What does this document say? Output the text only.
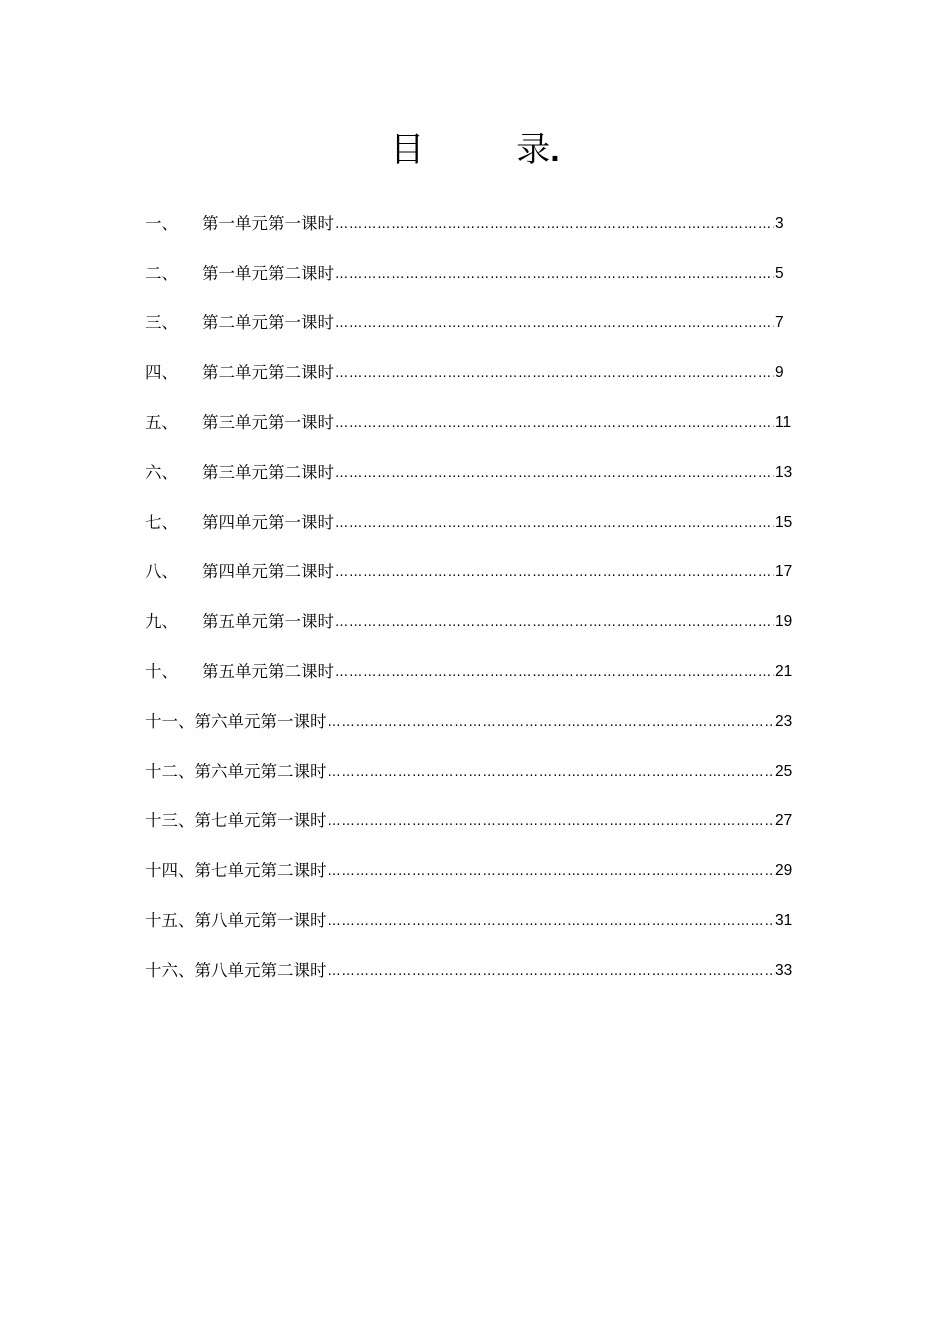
目	录.
一、	第一单元第一课时 ……………………………………………………………………………………………………………………………………	3
二、	第一单元第二课时 ……………………………………………………………………………………………………………………………………	5
三、	第二单元第一课时 ……………………………………………………………………………………………………………………………………	7
四、	第二单元第二课时 ……………………………………………………………………………………………………………………………………	9
五、	第三单元第一课时 ……………………………………………………………………………………………………………………………………	11
六、	第三单元第二课时 ……………………………………………………………………………………………………………………………………	13
七、	第四单元第一课时 ……………………………………………………………………………………………………………………………………	15
八、	第四单元第二课时 ……………………………………………………………………………………………………………………………………	17
九、	第五单元第一课时 ……………………………………………………………………………………………………………………………………	19
十、	第五单元第二课时 ……………………………………………………………………………………………………………………………………	21
十一、 第六单元第一课时 ……………………………………………………………………………………………………………………………………	23
十二、 第六单元第二课时 ……………………………………………………………………………………………………………………………………	25
十三、 第七单元第一课时 ……………………………………………………………………………………………………………………………………	27
十四、 第七单元第二课时 ……………………………………………………………………………………………………………………………………	29
十五、 第八单元第一课时 ……………………………………………………………………………………………………………………………………	31
十六、 第八单元第二课时 ……………………………………………………………………………………………………………………………………	33
